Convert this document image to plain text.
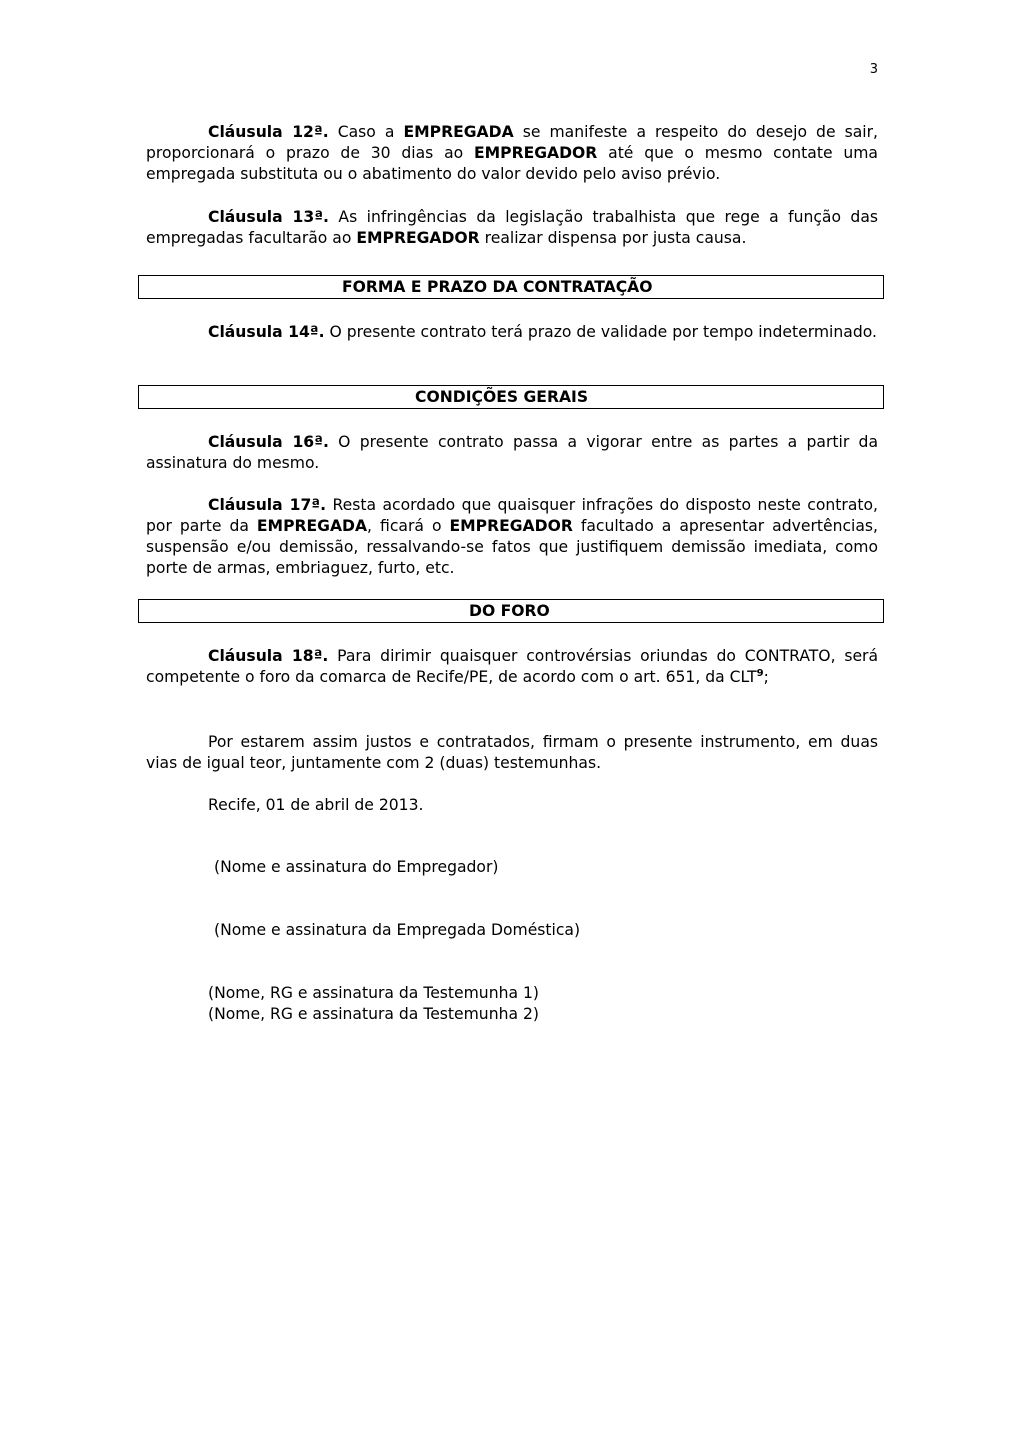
3

Cláusula 12ª. Caso a EMPREGADA se manifeste a respeito do desejo de sair, proporcionará o prazo de 30 dias ao EMPREGADOR até que o mesmo contate uma empregada substituta ou o abatimento do valor devido pelo aviso prévio.

Cláusula 13ª. As infringências da legislação trabalhista que rege a função das empregadas facultarão ao EMPREGADOR realizar dispensa por justa causa.

FORMA E PRAZO DA CONTRATAÇÃO

Cláusula 14ª. O presente contrato terá prazo de validade por tempo indeterminado.

CONDIÇÕES GERAIS

Cláusula 16ª. O presente contrato passa a vigorar entre as partes a partir da assinatura do mesmo.

Cláusula 17ª. Resta acordado que quaisquer infrações do disposto neste contrato, por parte da EMPREGADA, ficará o EMPREGADOR facultado a apresentar advertências, suspensão e/ou demissão, ressalvando-se fatos que justifiquem demissão imediata, como porte de armas, embriaguez, furto, etc.

DO FORO

Cláusula 18ª. Para dirimir quaisquer controvérsias oriundas do CONTRATO, será competente o foro da comarca de Recife/PE, de acordo com o art. 651, da CLT$^9$;

Por estarem assim justos e contratados, firmam o presente instrumento, em duas vias de igual teor, juntamente com 2 (duas) testemunhas.

Recife, 01 de abril de 2013.

(Nome e assinatura do Empregador)

(Nome e assinatura da Empregada Doméstica)

(Nome, RG e assinatura da Testemunha 1)

(Nome, RG e assinatura da Testemunha 2)
